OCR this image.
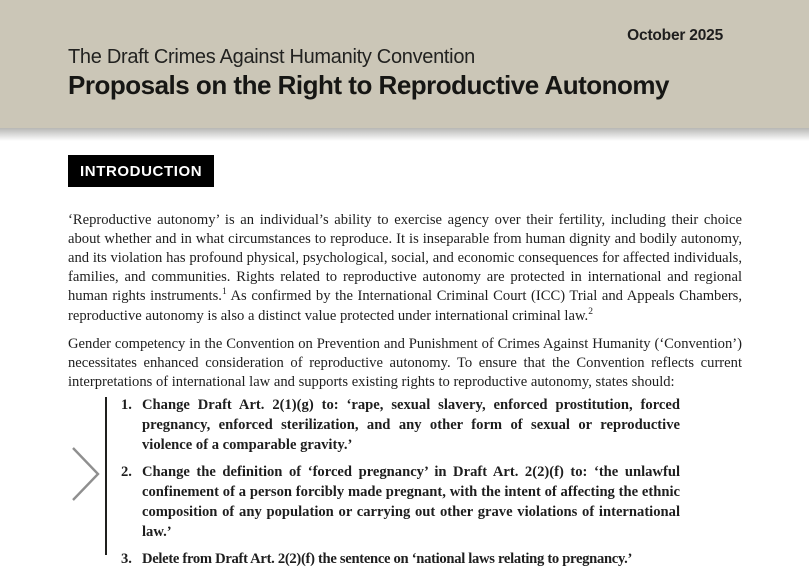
October 2025
The Draft Crimes Against Humanity Convention
Proposals on the Right to Reproductive Autonomy
INTRODUCTION

‘Reproductive autonomy’ is an individual’s ability to exercise agency over their fertility, including their choice about whether and in what circumstances to reproduce. It is inseparable from human dignity and bodily autonomy, and its violation has profound physical, psychological, social, and economic consequences for affected individuals, families, and communities. Rights related to reproductive autonomy are protected in international and regional human rights instruments.$^1$ As confirmed by the International Criminal Court (ICC) Trial and Appeals Chambers, reproductive autonomy is also a distinct value protected under international criminal law.$^2$

Gender competency in the Convention on Prevention and Punishment of Crimes Against Humanity (‘Convention’) necessitates enhanced consideration of reproductive autonomy. To ensure that the Convention reflects current interpretations of international law and supports existing rights to reproductive autonomy, states should:

1. Change Draft Art. 2(1)(g) to: ‘rape, sexual slavery, enforced prostitution, forced pregnancy, enforced sterilization, and any other form of sexual or reproductive violence of a comparable gravity.’
2. Change the definition of ‘forced pregnancy’ in Draft Art. 2(2)(f) to: ‘the unlawful confinement of a person forcibly made pregnant, with the intent of affecting the ethnic composition of any population or carrying out other grave violations of international law.’
3. Delete from Draft Art. 2(2)(f) the sentence on ‘national laws relating to pregnancy.’
